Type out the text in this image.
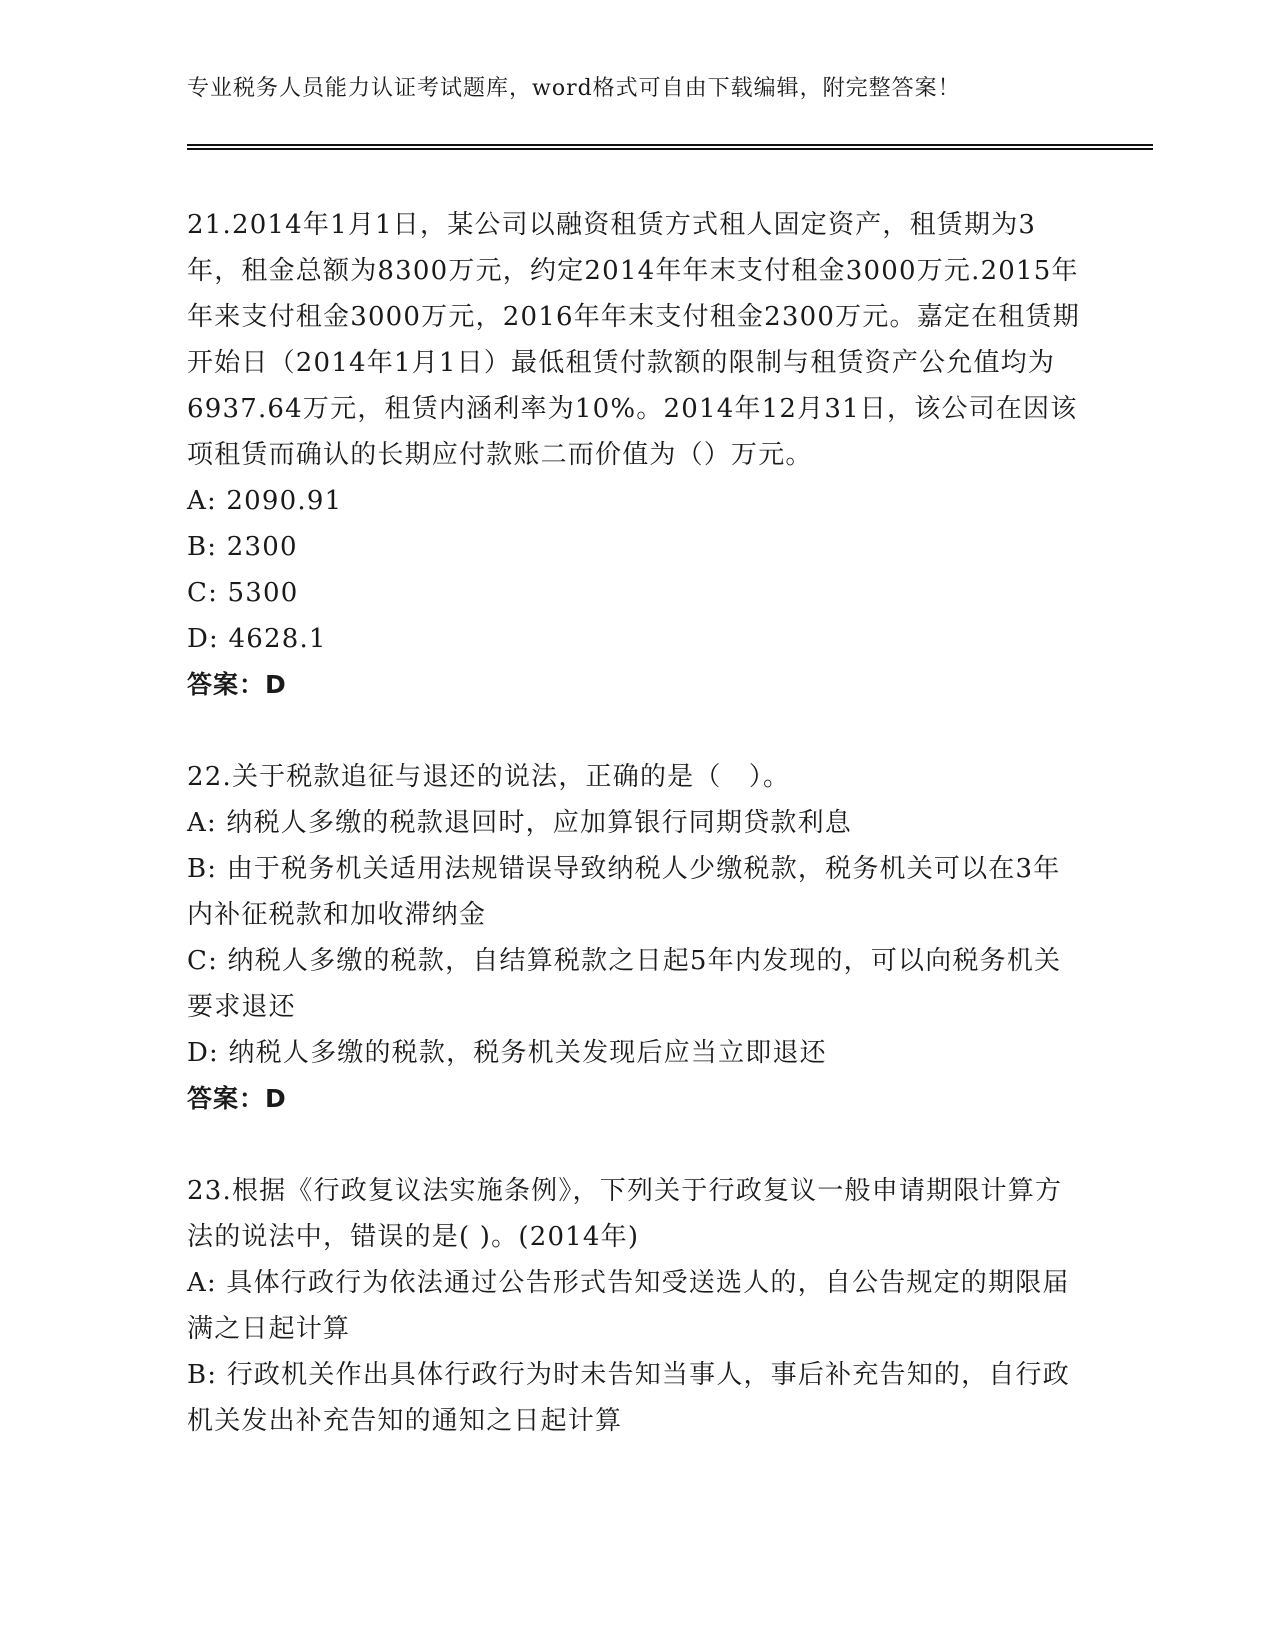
专业税务人员能力认证考试题库，word格式可自由下载编辑，附完整答案！

21.2014年1月1日，某公司以融资租赁方式租人固定资产，租赁期为3年，租金总额为8300万元，约定2014年年末支付租金3000万元.2015年年来支付租金3000万元，2016年年末支付租金2300万元。嘉定在租赁期开始日（2014年1月1日）最低租赁付款额的限制与租赁资产公允值均为6937.64万元，租赁内涵利率为10%。2014年12月31日，该公司在因该项租赁而确认的长期应付款账二而价值为（）万元。

A: 2090.91

B: 2300

C: 5300

D: 4628.1

答案：D

22.关于税款追征与退还的说法，正确的是（　）。

A: 纳税人多缴的税款退回时，应加算银行同期贷款利息

B: 由于税务机关适用法规错误导致纳税人少缴税款，税务机关可以在3年内补征税款和加收滞纳金

C: 纳税人多缴的税款，自结算税款之日起5年内发现的，可以向税务机关要求退还

D: 纳税人多缴的税款，税务机关发现后应当立即退还

答案：D

23.根据《行政复议法实施条例》，下列关于行政复议一般申请期限计算方法的说法中，错误的是( )。(2014年)

A: 具体行政行为依法通过公告形式告知受送选人的，自公告规定的期限届满之日起计算

B: 行政机关作出具体行政行为时未告知当事人，事后补充告知的，自行政机关发出补充告知的通知之日起计算
